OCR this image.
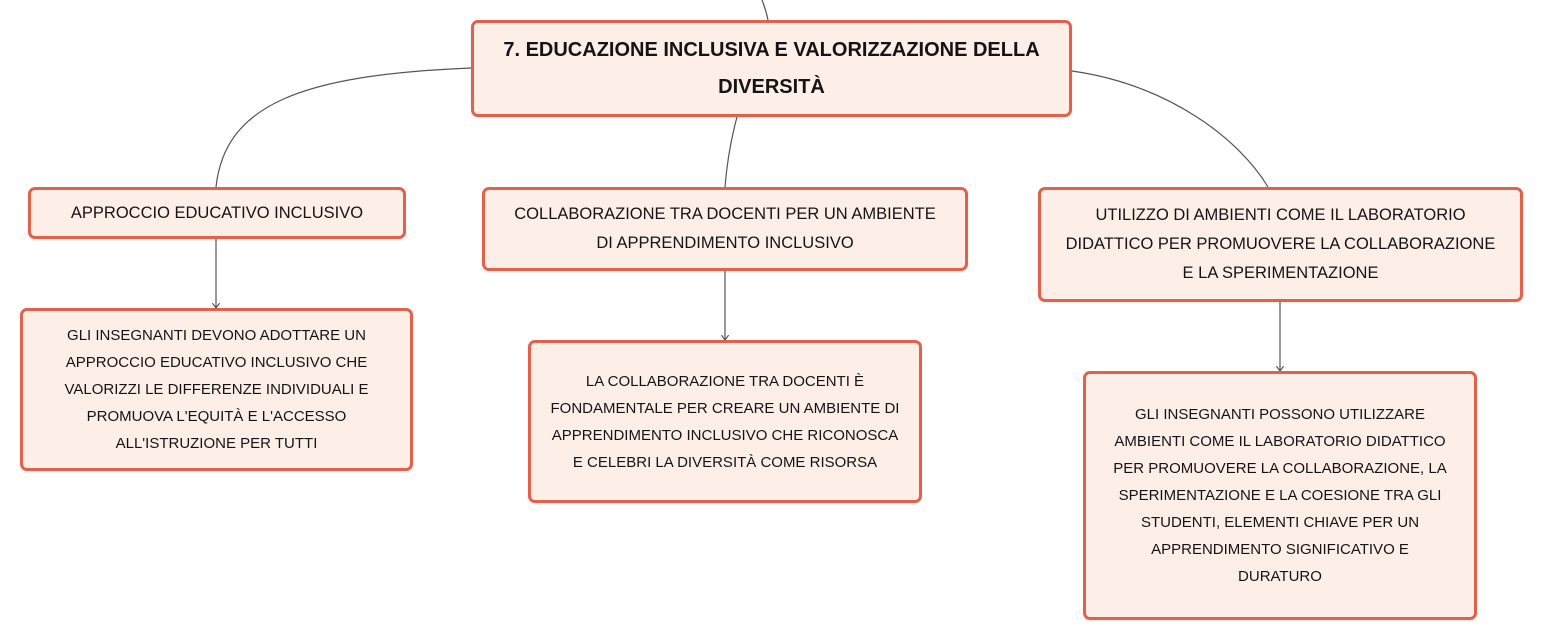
7. EDUCAZIONE INCLUSIVA E VALORIZZAZIONE DELLA DIVERSITÀ
APPROCCIO EDUCATIVO INCLUSIVO	COLLABORAZIONE TRA DOCENTI PER UN AMBIENTE DI APPRENDIMENTO INCLUSIVO
UTILIZZO DI AMBIENTI COME IL LABORATORIO DIDATTICO PER PROMUOVERE LA COLLABORAZIONE E LA SPERIMENTAZIONE
GLI INSEGNANTI DEVONO ADOTTARE UN APPROCCIO EDUCATIVO INCLUSIVO CHE VALORIZZI LE DIFFERENZE INDIVIDUALI E PROMUOVA L'EQUITÀ E L'ACCESSO ALL'ISTRUZIONE PER TUTTI
LA COLLABORAZIONE TRA DOCENTI È FONDAMENTALE PER CREARE UN AMBIENTE DI APPRENDIMENTO INCLUSIVO CHE RICONOSCA E CELEBRI LA DIVERSITÀ COME RISORSA
GLI INSEGNANTI POSSONO UTILIZZARE AMBIENTI COME IL LABORATORIO DIDATTICO PER PROMUOVERE LA COLLABORAZIONE, LA SPERIMENTAZIONE E LA COESIONE TRA GLI STUDENTI, ELEMENTI CHIAVE PER UN APPRENDIMENTO SIGNIFICATIVO E DURATURO
